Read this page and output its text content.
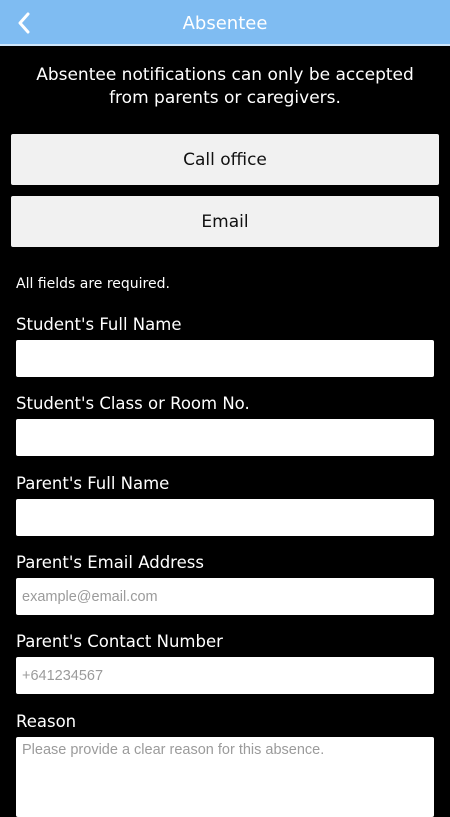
Absentee
Absentee notifications can only be accepted from parents or caregivers.
Call office
Email
All fields are required.
Student's Full Name
Student's Class or Room No.
Parent's Full Name
Parent's Email Address
example@email.com
Parent's Contact Number
+641234567
Reason
Please provide a clear reason for this absence.
